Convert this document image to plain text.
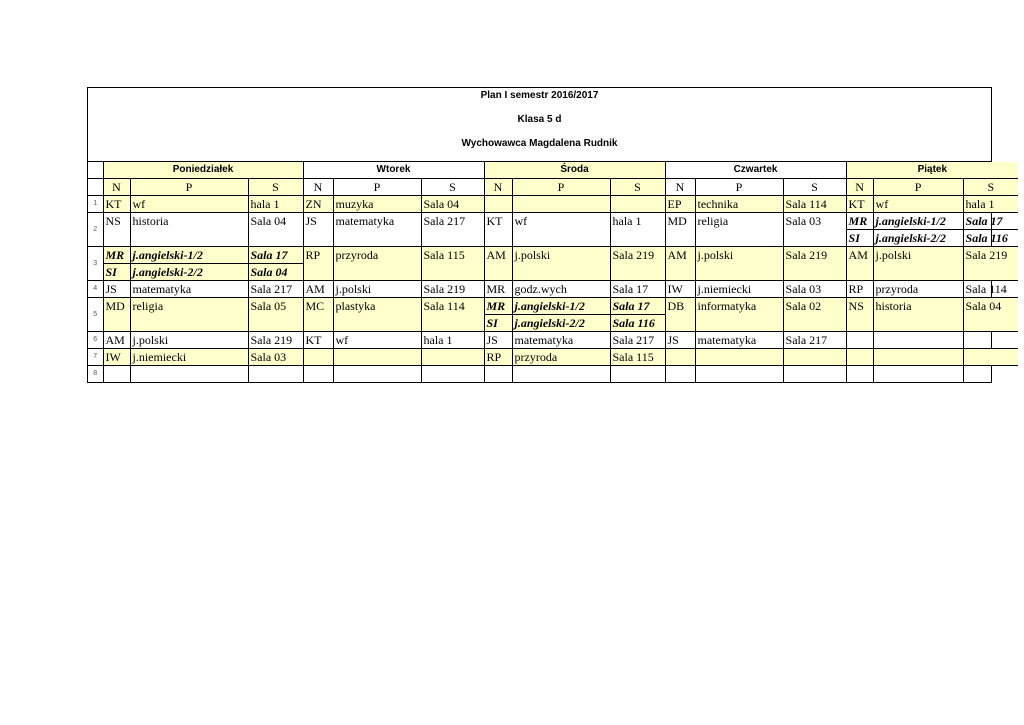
Plan I semestr 2016/2017
Klasa 5 d
Wychowawca Magdalena Rudnik
	Poniedziałek			Wtorek			Środa			Czwartek			Piątek		
	N	P	S	N	P	S	N	P	S	N	P	S	N	P	S
1	KT	wf	hala 1	ZN	muzyka	Sala 04				EP	technika	Sala 114	KT	wf	hala 1
2	NS	historia	Sala 04	JS	matematyka	Sala 217	KT	wf	hala 1	MD	religia	Sala 03	MR	j.angielski-1/2	Sala 17
													SI	j.angielski-2/2	Sala 116
3	MR	j.angielski-1/2	Sala 17	RP	przyroda	Sala 115	AM	j.polski	Sala 219	AM	j.polski	Sala 219	AM	j.polski	Sala 219
	SI	j.angielski-2/2	Sala 04												
4	JS	matematyka	Sala 217	AM	j.polski	Sala 219	MR	godz.wych	Sala 17	IW	j.niemiecki	Sala 03	RP	przyroda	Sala 114
5	MD	religia	Sala 05	MC	plastyka	Sala 114	MR	j.angielski-1/2	Sala 17	DB	informatyka	Sala 02	NS	historia	Sala 04
							SI	j.angielski-2/2	Sala 116						
6	AM	j.polski	Sala 219	KT	wf	hala 1	JS	matematyka	Sala 217	JS	matematyka	Sala 217			
7	IW	j.niemiecki	Sala 03				RP	przyroda	Sala 115						
8															
